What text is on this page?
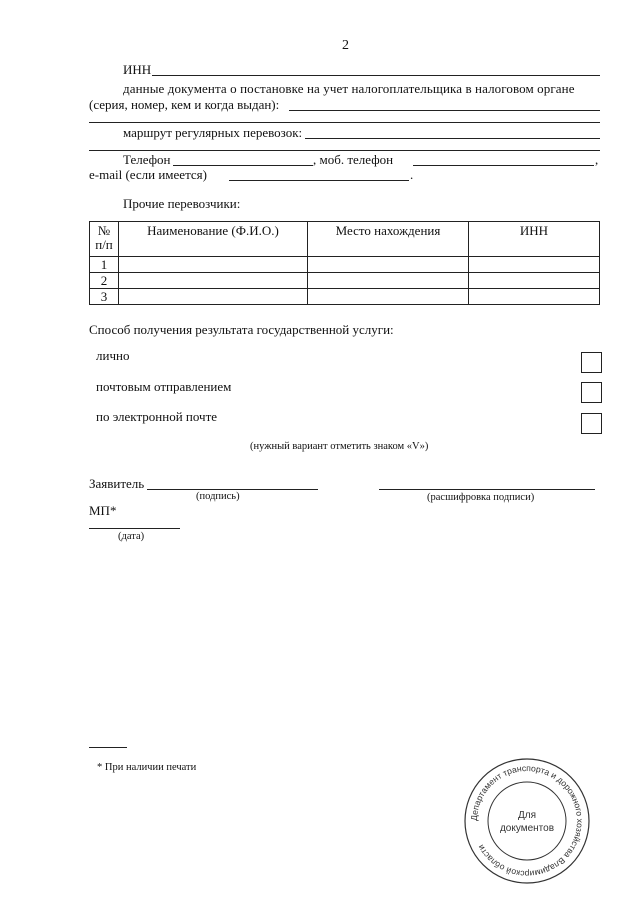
2
ИНН
данные документа о постановке на учет налогоплательщика в налоговом органе
(серия, номер, кем и когда выдан):
маршрут регулярных перевозок:
Телефон	, моб. телефон	,
e-mail (если имеется)	.
Прочие перевозчики:
№
п/п	Наименование (Ф.И.О.)	Место нахождения	ИНН
1			
2			
3			
Способ получения результата государственной услуги:
лично
почтовым отправлением
по электронной почте
(нужный вариант отметить знаком «V»)
Заявитель
(подпись)	(расшифровка подписи)
МП*
(дата)
* При наличии печати
Департамент транспорта и дорожного хозяйства Владимирской области
Для
документов
